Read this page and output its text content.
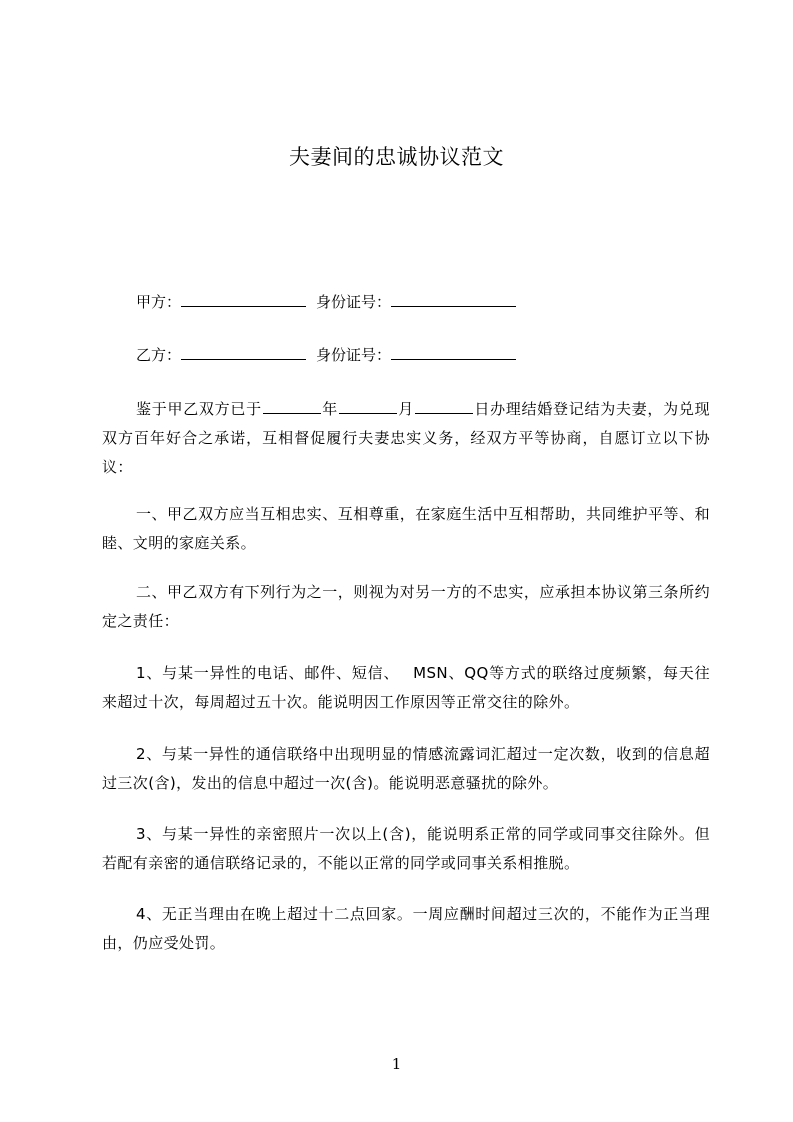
夫妻间的忠诚协议范文
甲方：	身份证号：
乙方：	身份证号：

鉴于甲乙双方已于	年	月	日办理结婚登记结为夫妻，为兑现双方百年好合之承诺，互相督促履行夫妻忠实义务，经双方平等协商，自愿订立以下协议：

一、甲乙双方应当互相忠实、互相尊重，在家庭生活中互相帮助，共同维护平等、和睦、文明的家庭关系。

二、甲乙双方有下列行为之一，则视为对另一方的不忠实，应承担本协议第三条所约定之责任：

1、与某一异性的电话、邮件、短信、　 MSN、QQ等方式的联络过度频繁，每天往来超过十次，每周超过五十次。能说明因工作原因等正常交往的除外。

2、与某一异性的通信联络中出现明显的情感流露词汇超过一定次数，收到的信息超过三次(含)，发出的信息中超过一次(含)。能说明恶意骚扰的除外。

3、与某一异性的亲密照片一次以上(含)，能说明系正常的同学或同事交往除外。但若配有亲密的通信联络记录的，不能以正常的同学或同事关系相推脱。

4、无正当理由在晚上超过十二点回家。一周应酬时间超过三次的，不能作为正当理由，仍应受处罚。

1
